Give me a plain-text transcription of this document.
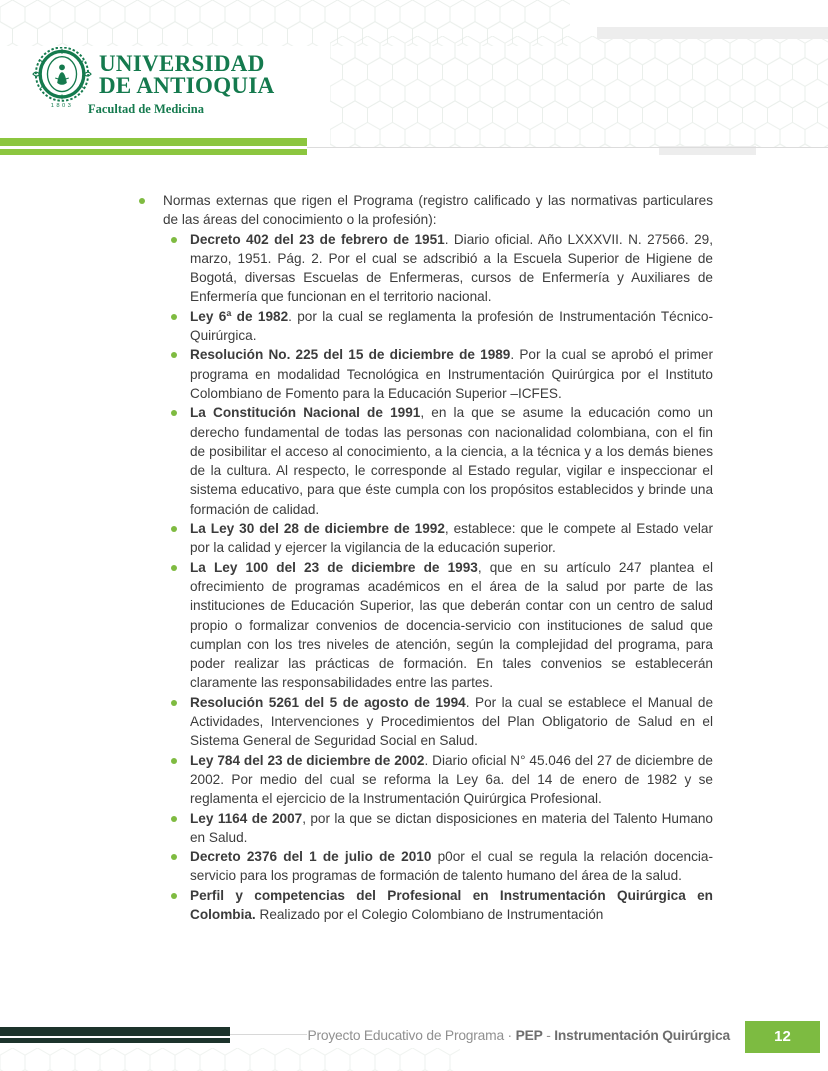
1803
UNIVERSIDAD
DE ANTIOQUIA
Facultad de Medicina
Normas externas que rigen el Programa (registro calificado y las normativas particulares de las áreas del conocimiento o la profesión):
Decreto 402 del 23 de febrero de 1951. Diario oficial. Año LXXXVII. N. 27566. 29, marzo, 1951. Pág. 2. Por el cual se adscribió a la Escuela Superior de Higiene de Bogotá, diversas Escuelas de Enfermeras, cursos de Enfermería y Auxiliares de Enfermería que funcionan en el territorio nacional.
Ley 6ª de 1982. por la cual se reglamenta la profesión de Instrumentación Técnico-Quirúrgica.
Resolución No. 225 del 15 de diciembre de 1989. Por la cual se aprobó el primer programa en modalidad Tecnológica en Instrumentación Quirúrgica por el Instituto Colombiano de Fomento para la Educación Superior –ICFES.
La Constitución Nacional de 1991, en la que se asume la educación como un derecho fundamental de todas las personas con nacionalidad colombiana, con el fin de posibilitar el acceso al conocimiento, a la ciencia, a la técnica y a los demás bienes de la cultura. Al respecto, le corresponde al Estado regular, vigilar e inspeccionar el sistema educativo, para que éste cumpla con los propósitos establecidos y brinde una formación de calidad.
La Ley 30 del 28 de diciembre de 1992, establece: que le compete al Estado velar por la calidad y ejercer la vigilancia de la educación superior.
La Ley 100 del 23 de diciembre de 1993, que en su artículo 247 plantea el ofrecimiento de programas académicos en el área de la salud por parte de las instituciones de Educación Superior, las que deberán contar con un centro de salud propio o formalizar convenios de docencia-servicio con instituciones de salud que cumplan con los tres niveles de atención, según la complejidad del programa, para poder realizar las prácticas de formación. En tales convenios se establecerán claramente las responsabilidades entre las partes.
Resolución 5261 del 5 de agosto de 1994. Por la cual se establece el Manual de Actividades, Intervenciones y Procedimientos del Plan Obligatorio de Salud en el Sistema General de Seguridad Social en Salud.
Ley 784 del 23 de diciembre de 2002. Diario oficial N° 45.046 del 27 de diciembre de 2002. Por medio del cual se reforma la Ley 6a. del 14 de enero de 1982 y se reglamenta el ejercicio de la Instrumentación Quirúrgica Profesional.
Ley 1164 de 2007, por la que se dictan disposiciones en materia del Talento Humano en Salud.
Decreto 2376 del 1 de julio de 2010 p0or el cual se regula la relación docencia-servicio para los programas de formación de talento humano del área de la salud.
Perfil y competencias del Profesional en Instrumentación Quirúrgica en Colombia. Realizado por el Colegio Colombiano de Instrumentación
Proyecto Educativo de Programa · PEP - Instrumentación Quirúrgica	12
